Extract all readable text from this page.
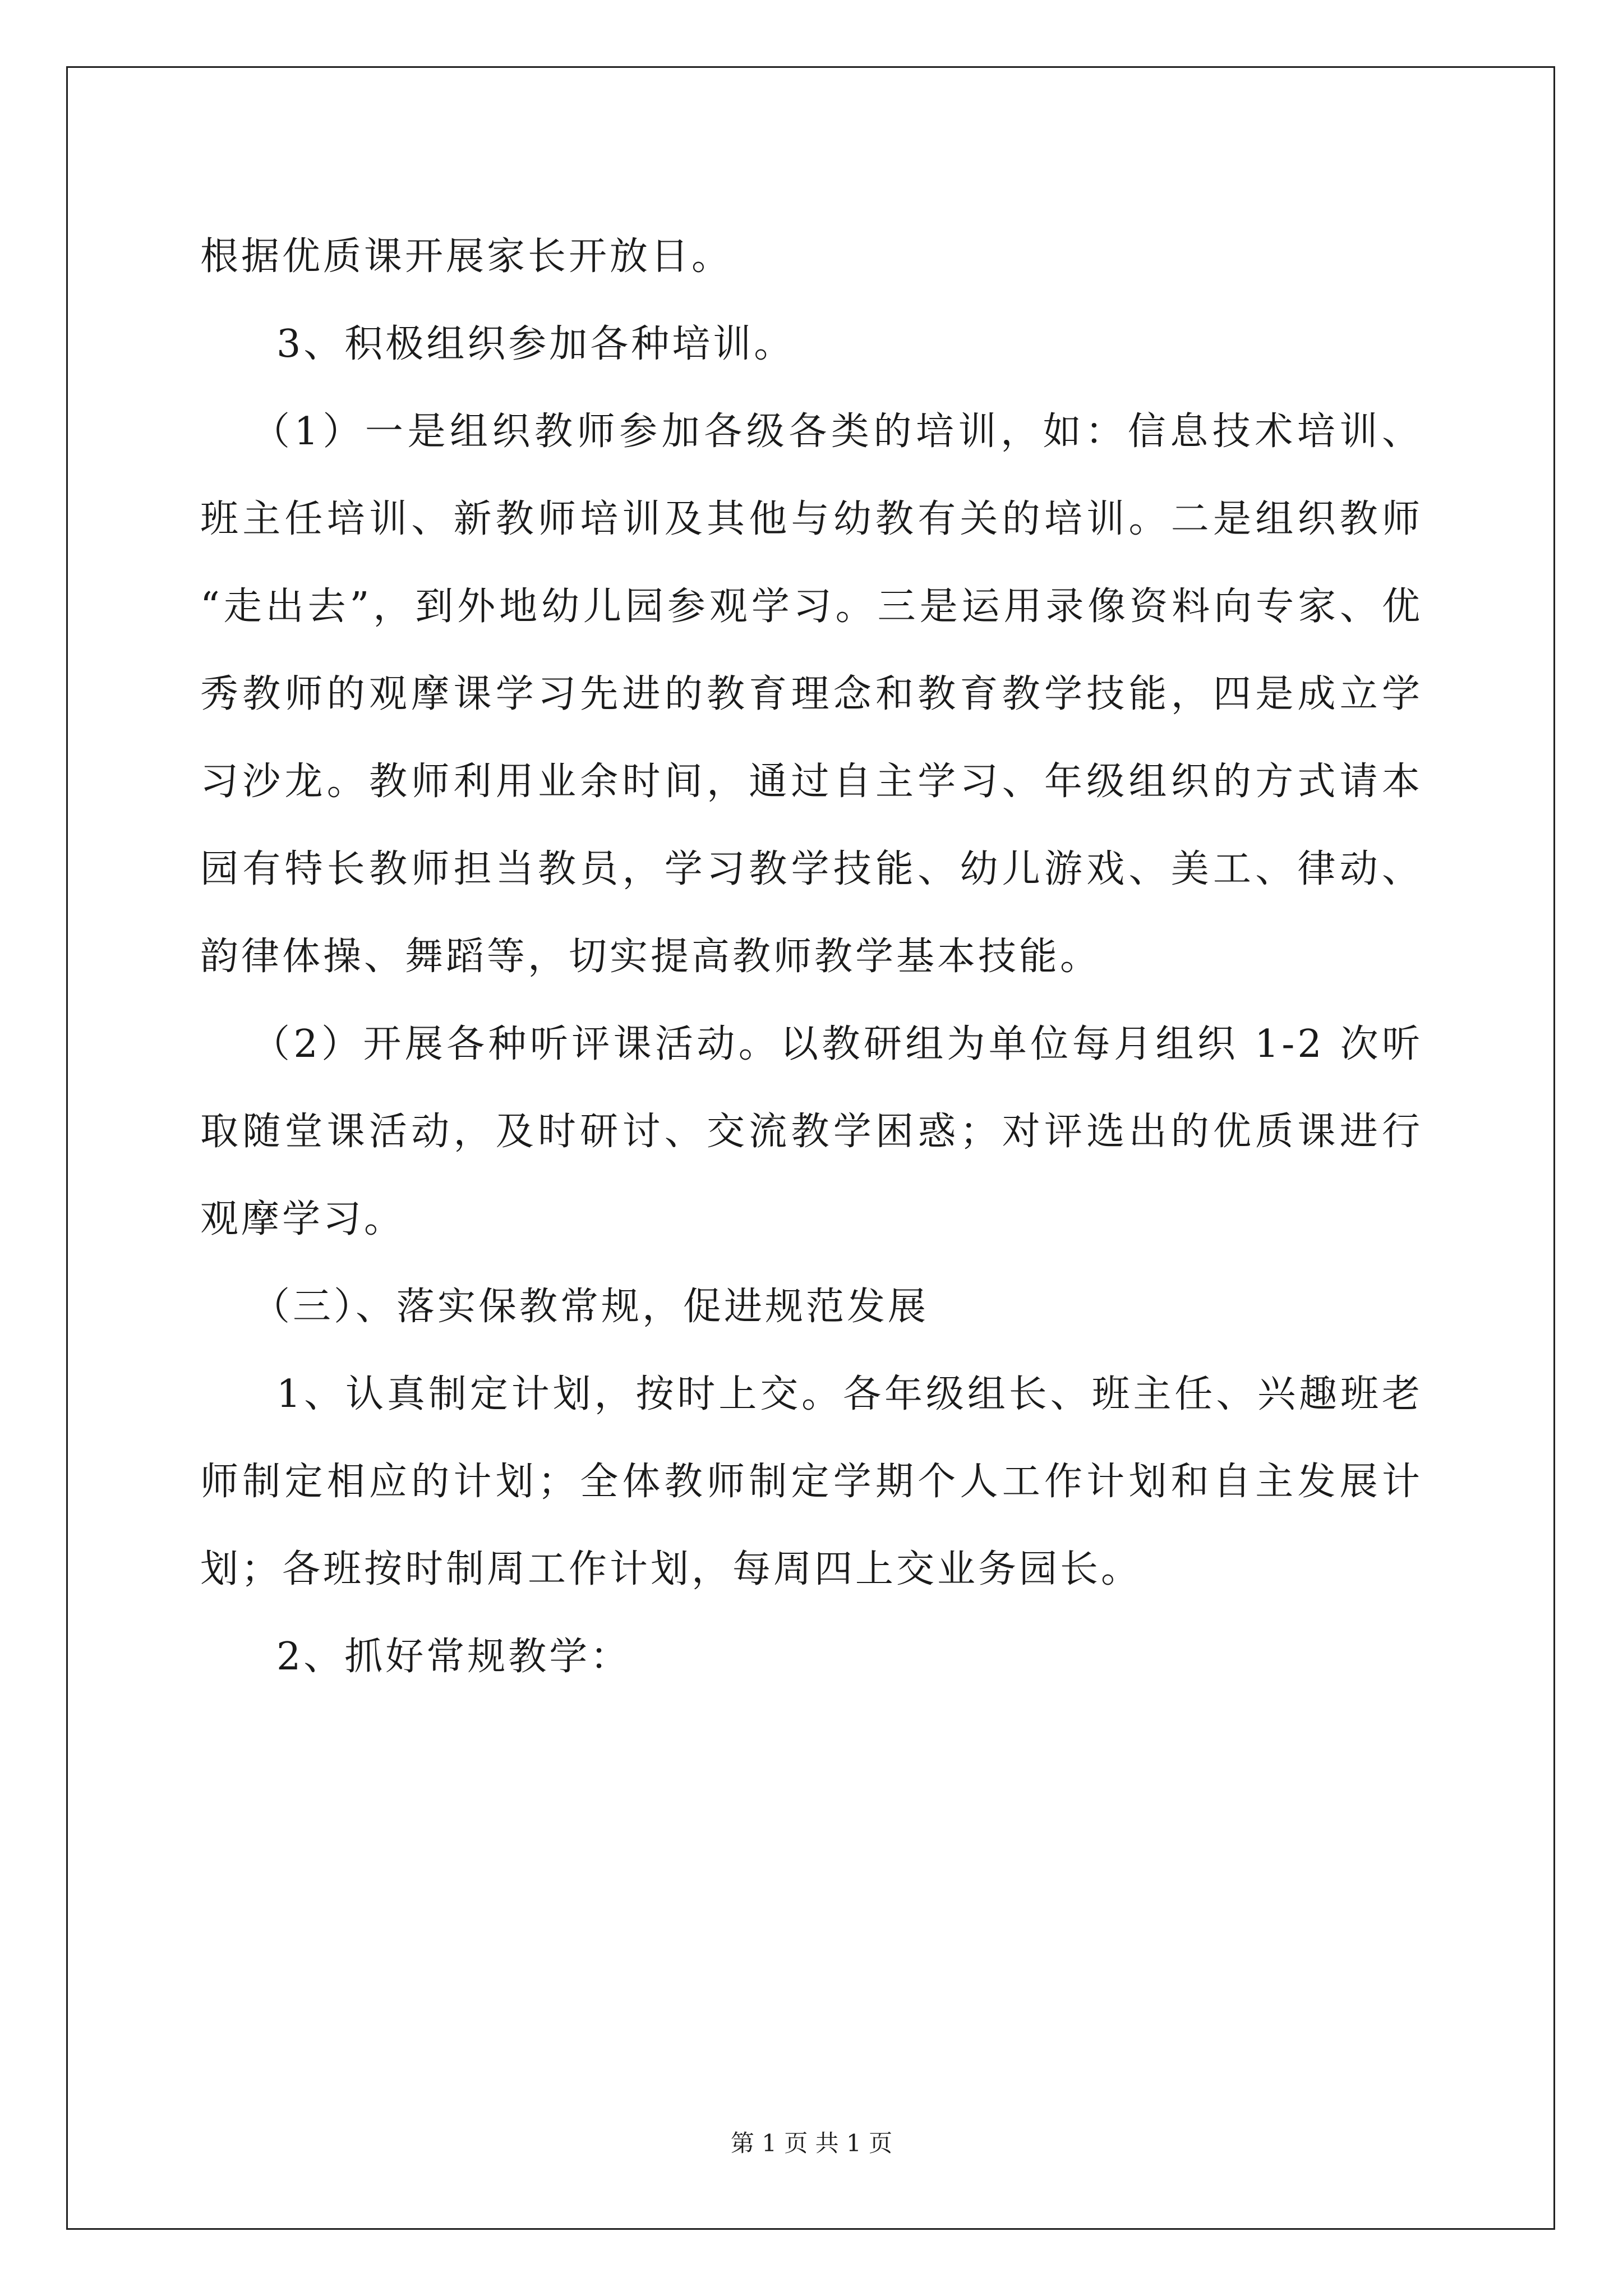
根据优质课开展家长开放日。

3、积极组织参加各种培训。

（1）一是组织教师参加各级各类的培训，如：信息技术培训、班主任培训、新教师培训及其他与幼教有关的培训。二是组织教师 “走出去”，到外地幼儿园参观学习。三是运用录像资料向专家、优秀教师的观摩课学习先进的教育理念和教育教学技能，四是成立学习沙龙。教师利用业余时间，通过自主学习、年级组织的方式请本园有特长教师担当教员，学习教学技能、幼儿游戏、美工、律动、韵律体操、舞蹈等，切实提高教师教学基本技能。

（2）开展各种听评课活动。以教研组为单位每月组织 1-2 次听取随堂课活动，及时研讨、交流教学困惑；对评选出的优质课进行观摩学习。

（三）、落实保教常规，促进规范发展

1、认真制定计划，按时上交。各年级组长、班主任、兴趣班老师制定相应的计划；全体教师制定学期个人工作计划和自主发展计划；各班按时制周工作计划，每周四上交业务园长。

2、抓好常规教学：

第 1 页 共 1 页
